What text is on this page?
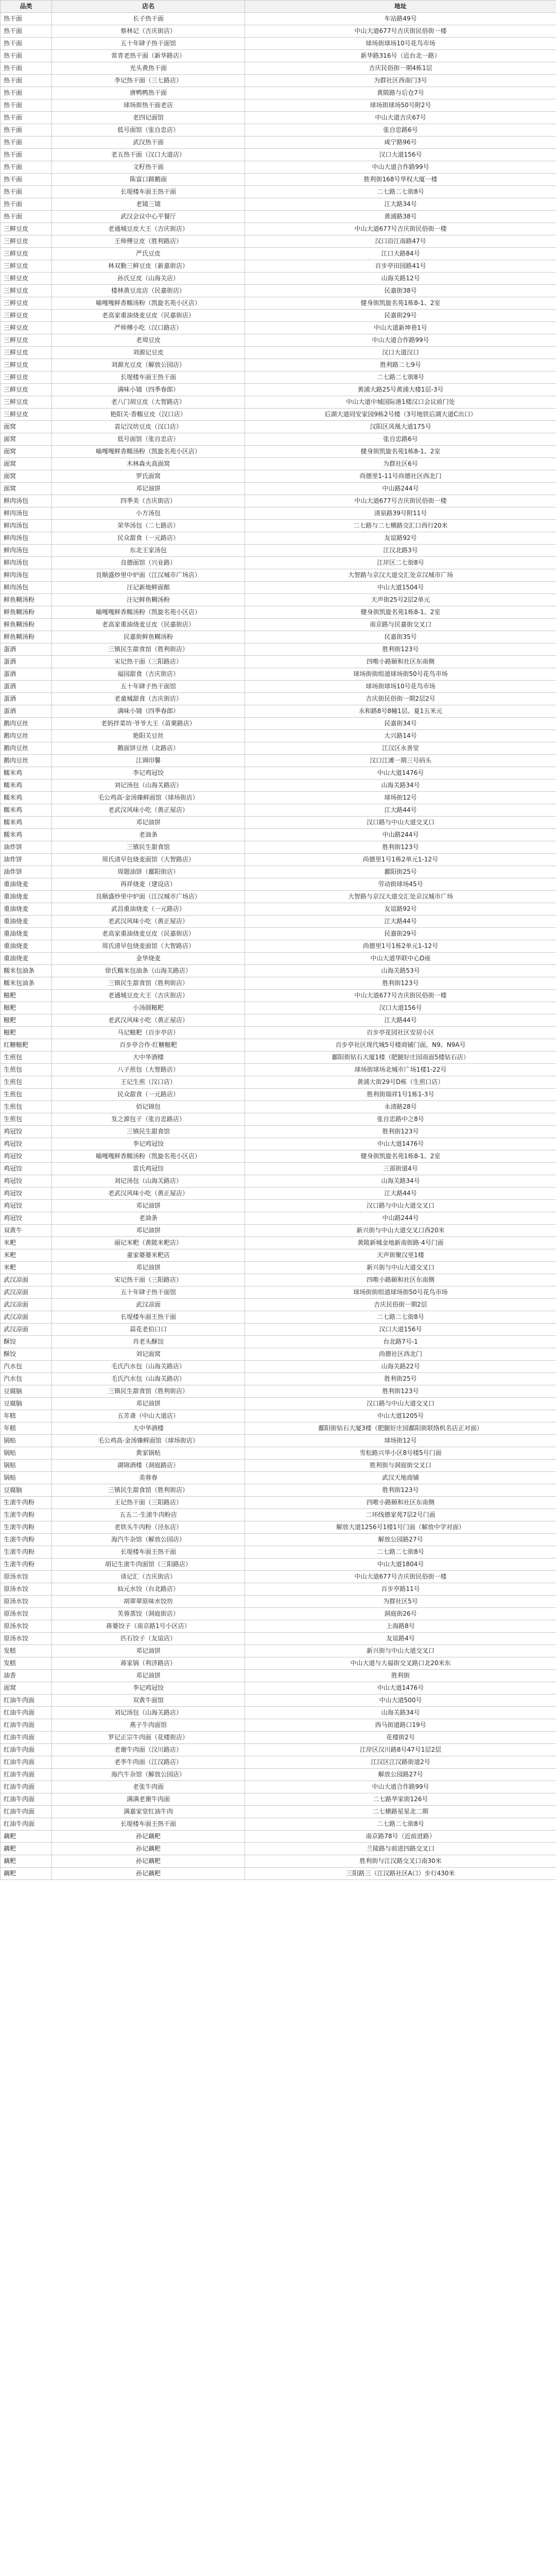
品类	店名	地址
热干面	长子热干面	车站路49号
热干面	蔡林记（吉庆街店）	中山大道677号吉庆街民俗街一楼
热干面	五十年肆子热干面馆	球场街球场10号花鸟市场
热干面	常青老热干面（新华路店）	新华路316号（近台北一路）
热干面	光头黄热干面	吉庆民俗街一期4栋1层
热干面	李记热干面（三七路店）	为群社区西南门3号
热干面	唐鸭鸭热干面	黄陂路与后仓7号
热干面	球场街热干面老店	球场街球场50号附2号
热干面	老四记面馆	中山大道吉庆67号
热干面	低号面馆（张自忠店）	张自忠路6号
热干面	武汉热干面	咸宁路96号
热干面	老五热干面（汉口大道店）	汉口大道156号
热干面	文籽热干面	中山大道合作路99号
热干面	陈富口蹄鹅面	胜利街168号华权大厦一楼
热干面	长堤楼车面王热干面	二七路二七街8号
热干面	老镜三镜	江大路34号
热干面	武汉会议中心平餐厅	黄浦路38号
三鲜豆皮	老通城豆皮大王（吉庆街店）	中山大道677号吉庆街民俗街一楼
三鲜豆皮	王师傅豆皮（胜利路店）	汉口沿江南路47号
三鲜豆皮	严氏豆皮	江口大路84号
三鲜豆皮	林双勤三鲜豆皮（新嘉街店）	百步亭田园路41号
三鲜豆皮	孙氏豆皮（山海关店）	山海关路12号
三鲜豆皮	楼林黄豆皮店（民嘉街店）	民嘉街38号
三鲜豆皮	喻嘎嘎鲜香糯汤粉（凯旋名苑小区店）	健身街凯旋名苑1栋8-1、2室
三鲜豆皮	老高家重油烧麦豆皮（民嘉街店）	民嘉街29号
三鲜豆皮	严师傅小吃（汉口路店）	中山大道新坤巷1号
三鲜豆皮	老周豆皮	中山大道合作路99号
三鲜豆皮	刘源记豆皮	汉口大道汉口
三鲜豆皮	刘源光豆皮（解放公园店）	胜利路二七9号
三鲜豆皮	长堤楼车面王热干面	二七路二七街8号
三鲜豆皮	满味小镜（四季春郎）	黄浦大路25号黄浦大楼1层-3号
三鲜豆皮	老八门胡豆皮（大智路店）	中山大道中城国际港1楼汉口会议前门处
三鲜豆皮	艳阳关·香糯豆皮（汉口店）	后湖大道同安家园9栋2号楼（3号地铁后湖大道C出口）
面窝	袁记汉坊豆皮（汉口店）	汉阳区凤凰大道175号
面窝	低号面馆（张自忠店）	张自忠路6号
面窝	喻嘎嘎鲜香糯汤粉（凯旋名苑小区店）	健身街凯旋名苑1栋8-1、2室
面窝	木林森火高面窝	为群社区6号
面窝	罗氏面窝	尚德里1-11号尚德社区西北门
面窝	邓记油饼	中山路244号
鲜肉汤包	四季美（吉庆街店）	中山大道677号吉庆街民俗街一楼
鲜肉汤包	小方汤包	清泉路39号附11号
鲜肉汤包	荣华汤包（二七路店）	二七路与二七横路交汇口西行20米
鲜肉汤包	民众甜食（一元路店）	友谊路92号
鲜肉汤包	东北王家汤包	江汉北路3号
鲜肉汤包	良德面馆（兴业路）	江岸区二七街8号
鲜肉汤包	良顺盛炒里中炉面（江汉城市广场店）	大智路与京汉大道交汇处京汉城市广场
鲜肉汤包	汪记新地鲜面館	中山大道1504号
鲜鱼糊汤粉	汪记鲜鱼糊汤粉	天声街25号2层2单元
鲜鱼糊汤粉	喻嘎嘎鲜香糯汤粉（凯旋名苑小区店）	健身街凯旋名苑1栋8-1、2室
鲜鱼糊汤粉	老高家重油烧麦豆皮（民嘉街店）	南京路与民嘉街交叉口
鲜鱼糊汤粉	民嘉街鲜鱼糊汤粉	民嘉街35号
蛋酒	三镇民生甜食馆（胜利街店）	胜利街123号
蛋酒	宋记热干面（三阳路店）	四唯小路颐和社区东南侧
蛋酒	福园甜食（吉庆街店）	球场街街组道球场街50号花鸟市场
蛋酒	五十年肆子热干面馆	球场街球场10号花鸟市场
蛋酒	老童城甜食（吉庆街店）	吉庆街民俗街一期2层2号
蛋酒	满味小镜（四季春郎）	永和路8号8幢1层、夏1五米元
鹅肉豆丝	老妈拌菜坊·爷爷大王（苗栗路店）	民嘉街34号
鹅肉豆丝	艳阳关豆丝	大兴路14号
鹅肉豆丝	鹅面饼豆丝（北路店）	江汉区永善堂
鹅肉豆丝	江调印馨	汉口江滩一期三号码头
糯米鸡	李记鸡冠饺	中山大道1476号
糯米鸡	刘记汤包（山海关路店）	山海关路34号
糯米鸡	毛公鸡高·金汤臻鲜面馆（球场街店）	球场街12号
糯米鸡	老武汉风味小吃（黄正屋店）	江大路44号
糯米鸡	邓记油饼	汉口路与中山大道交叉口
糯米鸡	老油条	中山路244号
油炸饼	三镇民生甜食馆	胜利街123号
油炸饼	周氏清早包烧麦面馆（大智路店）	尚德里1号1栋2单元1-12号
油炸饼	周题油饼（鄱阳街店）	鄱阳街25号
重油烧麦	再祥烧麦（建设店）	劳动街球场45号
重油烧麦	良顺盛炒里中炉面（江汉城市广场店）	大智路与京汉大道交汇处京汉城市广场
重油烧麦	武昌重油烧麦（一元路店）	友谊路92号
重油烧麦	老武汉风味小吃（黄正屋店）	江大路44号
重油烧麦	老高家重油烧麦豆皮（民嘉街店）	民嘉街29号
重油烧麦	周氏清早包烧麦面馆（大智路店）	尚德里1号1栋2单元1-12号
重油烧麦	金华烧麦	中山大道华联中心D座
糯米包油条	徐氏糯米包油条（山海关路店）	山海关路53号
糯米包油条	三镇民生甜食馆（胜利街店）	胜利街123号
糍粑	老通城豆皮大王（吉庆街店）	中山大道677号吉庆街民俗街一楼
糍粑	小汤圆糍粑	汉口大道156号
糍粑	老武汉风味小吃（黄正屋店）	江大路44号
糍粑	马记糍粑（百步亭店）	百步亭花园社区安居小区
红糖糍粑	百步亭合作·红糖糍粑	百步亭社区现代城5号楼商铺门面，N9、N9A号
生煎包	大中华酒楼	鄱阳街钻石大厦1楼（肥腿好庄园南面5楼钻石店）
生煎包	八子煎包（大智路店）	球场街球场北城市广场1楼1-22号
生煎包	王记生煎（汉口店）	黄浦大街29号D栋（生煎口店）
生煎包	民众甜食（一元路店）	胜利街瑞祥1号1栋1-3号
生煎包	佰记锦包	永清路28号
生煎包	发之源包子（张自忠路店）	张自忠路中之8号
鸡冠饺	三镇民生甜食馆	胜利街123号
鸡冠饺	李记鸡冠饺	中山大道1476号
鸡冠饺	喻嘎嘎鲜香糯汤粉（凯旋名苑小区店）	健身街凯旋名苑1栋8-1、2室
鸡冠饺	雷氏鸡冠饺	三部街道4号
鸡冠饺	刘记汤包（山海关路店）	山海关路34号
鸡冠饺	老武汉风味小吃（黄正屋店）	江大路44号
鸡冠饺	邓记油饼	汉口路与中山大道交叉口
鸡冠饺	老油条	中山路244号
双黄牛	邓记油饼	新兴街与中山大道交叉口西20米
米粑	丽记米粑（黄陂米粑店）	黄陂新城金地新南街路·4号门面
米粑	童家婆婆米粑店	天声街聚汉里1楼
米粑	邓记油饼	新兴街与中山大道交叉口
武汉凉面	宋记热干面（三阳路店）	四唯小路颐和社区东南侧
武汉凉面	五十年肆子热干面馆	球场街街组道球场街50号花鸟市场
武汉凉面	武汉凉面	吉庆民俗街一期2层
武汉凉面	长堤楼车面王热干面	二七路二七街8号
武汉凉面	蒜花老伯口口	汉口大道156号
酥饺	肖老头酥饺	台北路7号-1
酥饺	刘记面窝	尚德社区西北门
汽水包	毛氏汽水包（山海关路店）	山海关路22号
汽水包	毛氏汽水包（山海关路店）	胜利街25号
豆腐脑	三镇民生甜食馆（胜利街店）	胜利街123号
豆腐脑	邓记油饼	汉口路与中山大道交叉口
年糕	五芳斋（中山大道店）	中山大道1205号
年糕	大中华酒楼	鄱阳街钻石大厦3楼（肥腿好庄园鄱阳街联络机名店正对面）
锅贴	毛公鸡高·金汤臻鲜面馆（球场街店）	球场街12号
锅贴	黄家锅贴	雪松路兴华小区8号楼5号门面
锅贴	湖锦酒楼（洞庭路店）	胜利街与洞庭街交叉口
锅贴	美蓉春	武汉天地商铺
豆腐脑	三镇民生甜食馆（胜利街店）	胜利街123号
生滚牛肉粉	王记热干面（三阳路店）	四唯小路颐和社区东南侧
生滚牛肉粉	五五二·生滚牛肉粉店	二环线德家苑7层2号门面
生滚牛肉粉	老铁头牛肉粉（泾东店）	解放大道1256号1楼1号门面（解放中学对面）
生滚牛肉粉	海汽牛杂馆（解放公园店）	解放公园路27号
生滚牛肉粉	长堤楼车面王热干面	二七路二七街8号
生滚牛肉粉	胡记生滚牛肉面馆（三阳路店）	中山大道1804号
原汤水饺	谈记汇（吉庆街店）	中山大道677号吉庆街民俗街一楼
原汤水饺	仙元水饺（台北路店）	百步亭路11号
原汤水饺	胡翠翠原味水饺坊	为群社区5号
原汤水饺	芙蓉蒸饺（洞庭街店）	洞庭街26号
原汤水饺	蒋婆饺子（南京路1号小区店）	上海路8号
原汤水饺	匹石饺子（友谊店）	友谊路4号
发糕	邓记油饼	新兴街与中山大道交叉口
发糕	蒋家锅（利济路店）	中山大道与大福街交叉路口北20米东
油香	邓记油饼	胜利街
面窝	李记鸡冠饺	中山大道1476号
红油牛肉面	双黄牛面馆	中山大道500号
红油牛肉面	刘记汤包（山海关路店）	山海关路34号
红油牛肉面	燕子牛肉面馆	西马街道路口19号
红油牛肉面	罗记正宗牛肉面（花楼街店）	花楼街2号
红油牛肉面	老谢牛肉面（汉川路店）	江岸区汉川路8号47号1层2层
红油牛肉面	老李牛肉面（江汉路店）	江汉区江汉路街道2号
红油牛肉面	海汽牛杂馆（解放公园店）	解放公园路27号
红油牛肉面	老张牛肉面	中山大道合作路99号
红油牛肉面	满满老谢牛肉面	二七路华家街126号
红油牛肉面	满嘉家堂红油牛肉	二七横路星星北二期
红油牛肉面	长堤楼车面王热干面	二七路二七街8号
藕粑	孙记藕粑	南京路78号（近前进路）
藕粑	孙记藕粑	兰陵路与前进四路交叉口
藕粑	孙记藕粑	胜利街与江汉路交叉口南30米
藕粑	孙记藕粑	三阳路三（江汉路社区A口）步行430米
